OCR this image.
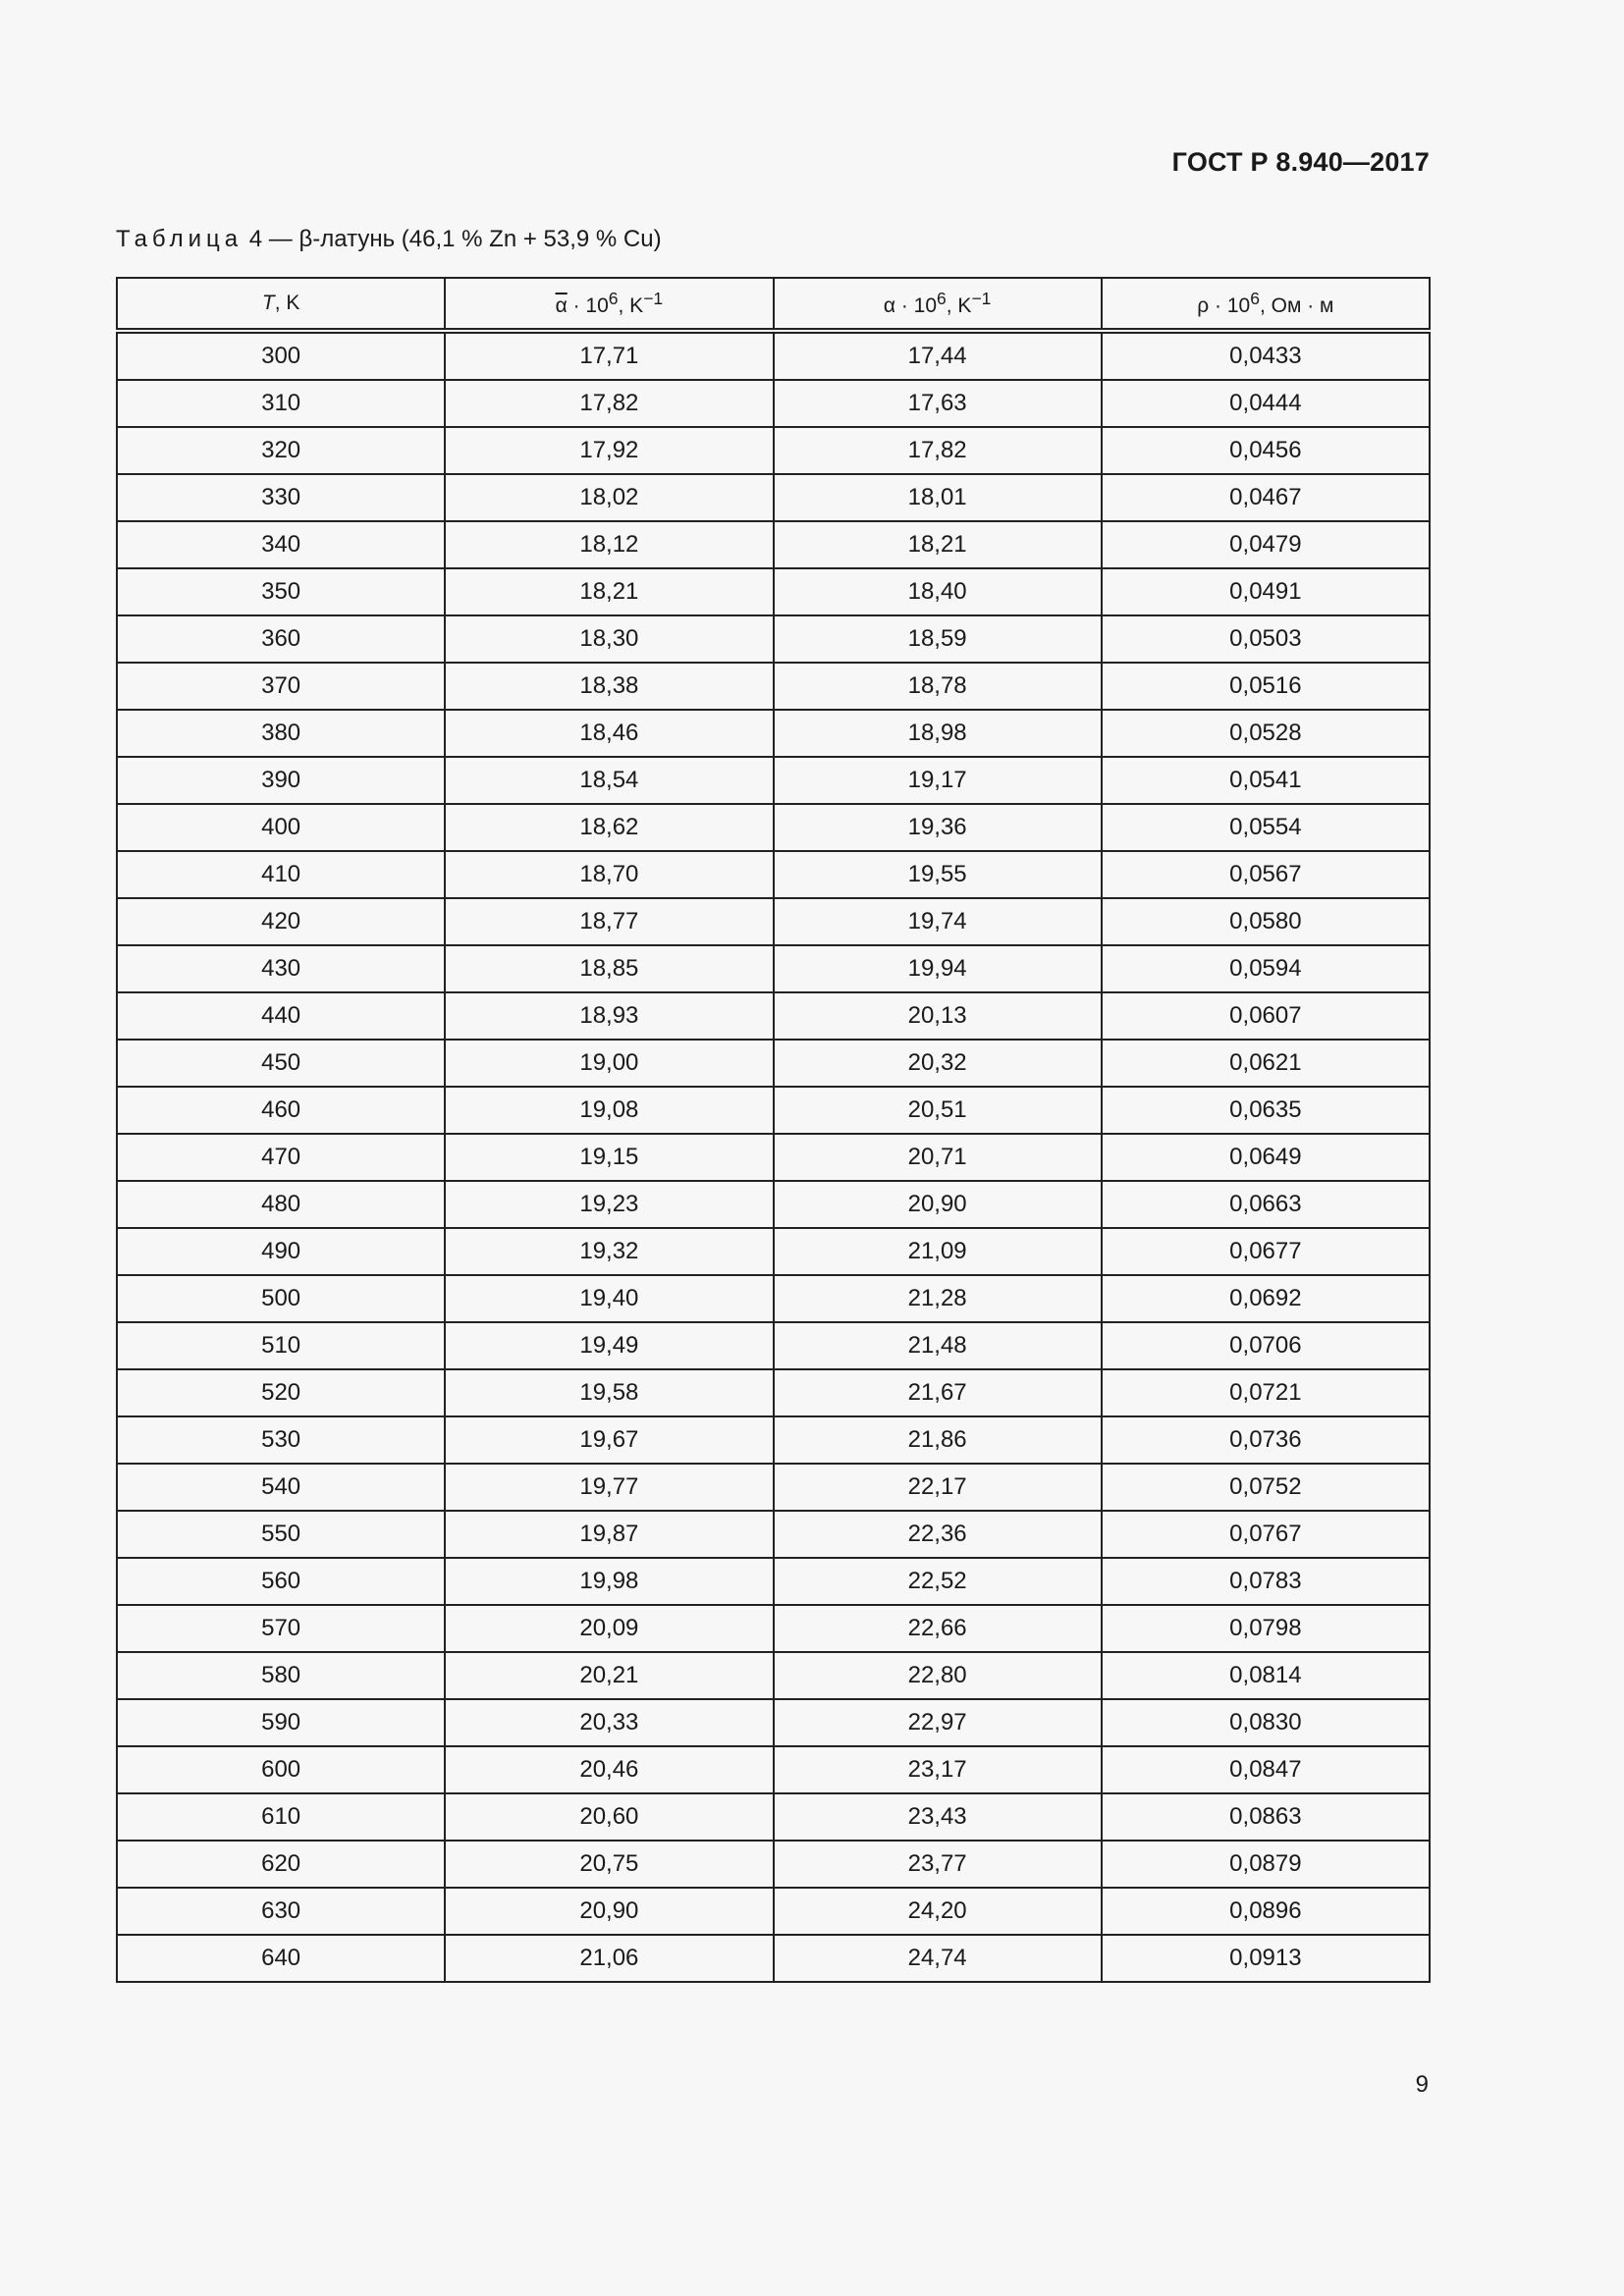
ГОСТ Р 8.940—2017
Таблица 4 — β-латунь (46,1 % Zn + 53,9 % Cu)
T, K	$\overline{\alpha} \cdot 10^6$, $K^{-1}$	$\alpha \cdot 10^6$, $K^{-1}$	$\rho \cdot 10^6$, Ом · м
300	17,71	17,44	0,0433
310	17,82	17,63	0,0444
320	17,92	17,82	0,0456
330	18,02	18,01	0,0467
340	18,12	18,21	0,0479
350	18,21	18,40	0,0491
360	18,30	18,59	0,0503
370	18,38	18,78	0,0516
380	18,46	18,98	0,0528
390	18,54	19,17	0,0541
400	18,62	19,36	0,0554
410	18,70	19,55	0,0567
420	18,77	19,74	0,0580
430	18,85	19,94	0,0594
440	18,93	20,13	0,0607
450	19,00	20,32	0,0621
460	19,08	20,51	0,0635
470	19,15	20,71	0,0649
480	19,23	20,90	0,0663
490	19,32	21,09	0,0677
500	19,40	21,28	0,0692
510	19,49	21,48	0,0706
520	19,58	21,67	0,0721
530	19,67	21,86	0,0736
540	19,77	22,17	0,0752
550	19,87	22,36	0,0767
560	19,98	22,52	0,0783
570	20,09	22,66	0,0798
580	20,21	22,80	0,0814
590	20,33	22,97	0,0830
600	20,46	23,17	0,0847
610	20,60	23,43	0,0863
620	20,75	23,77	0,0879
630	20,90	24,20	0,0896
640	21,06	24,74	0,0913
9
